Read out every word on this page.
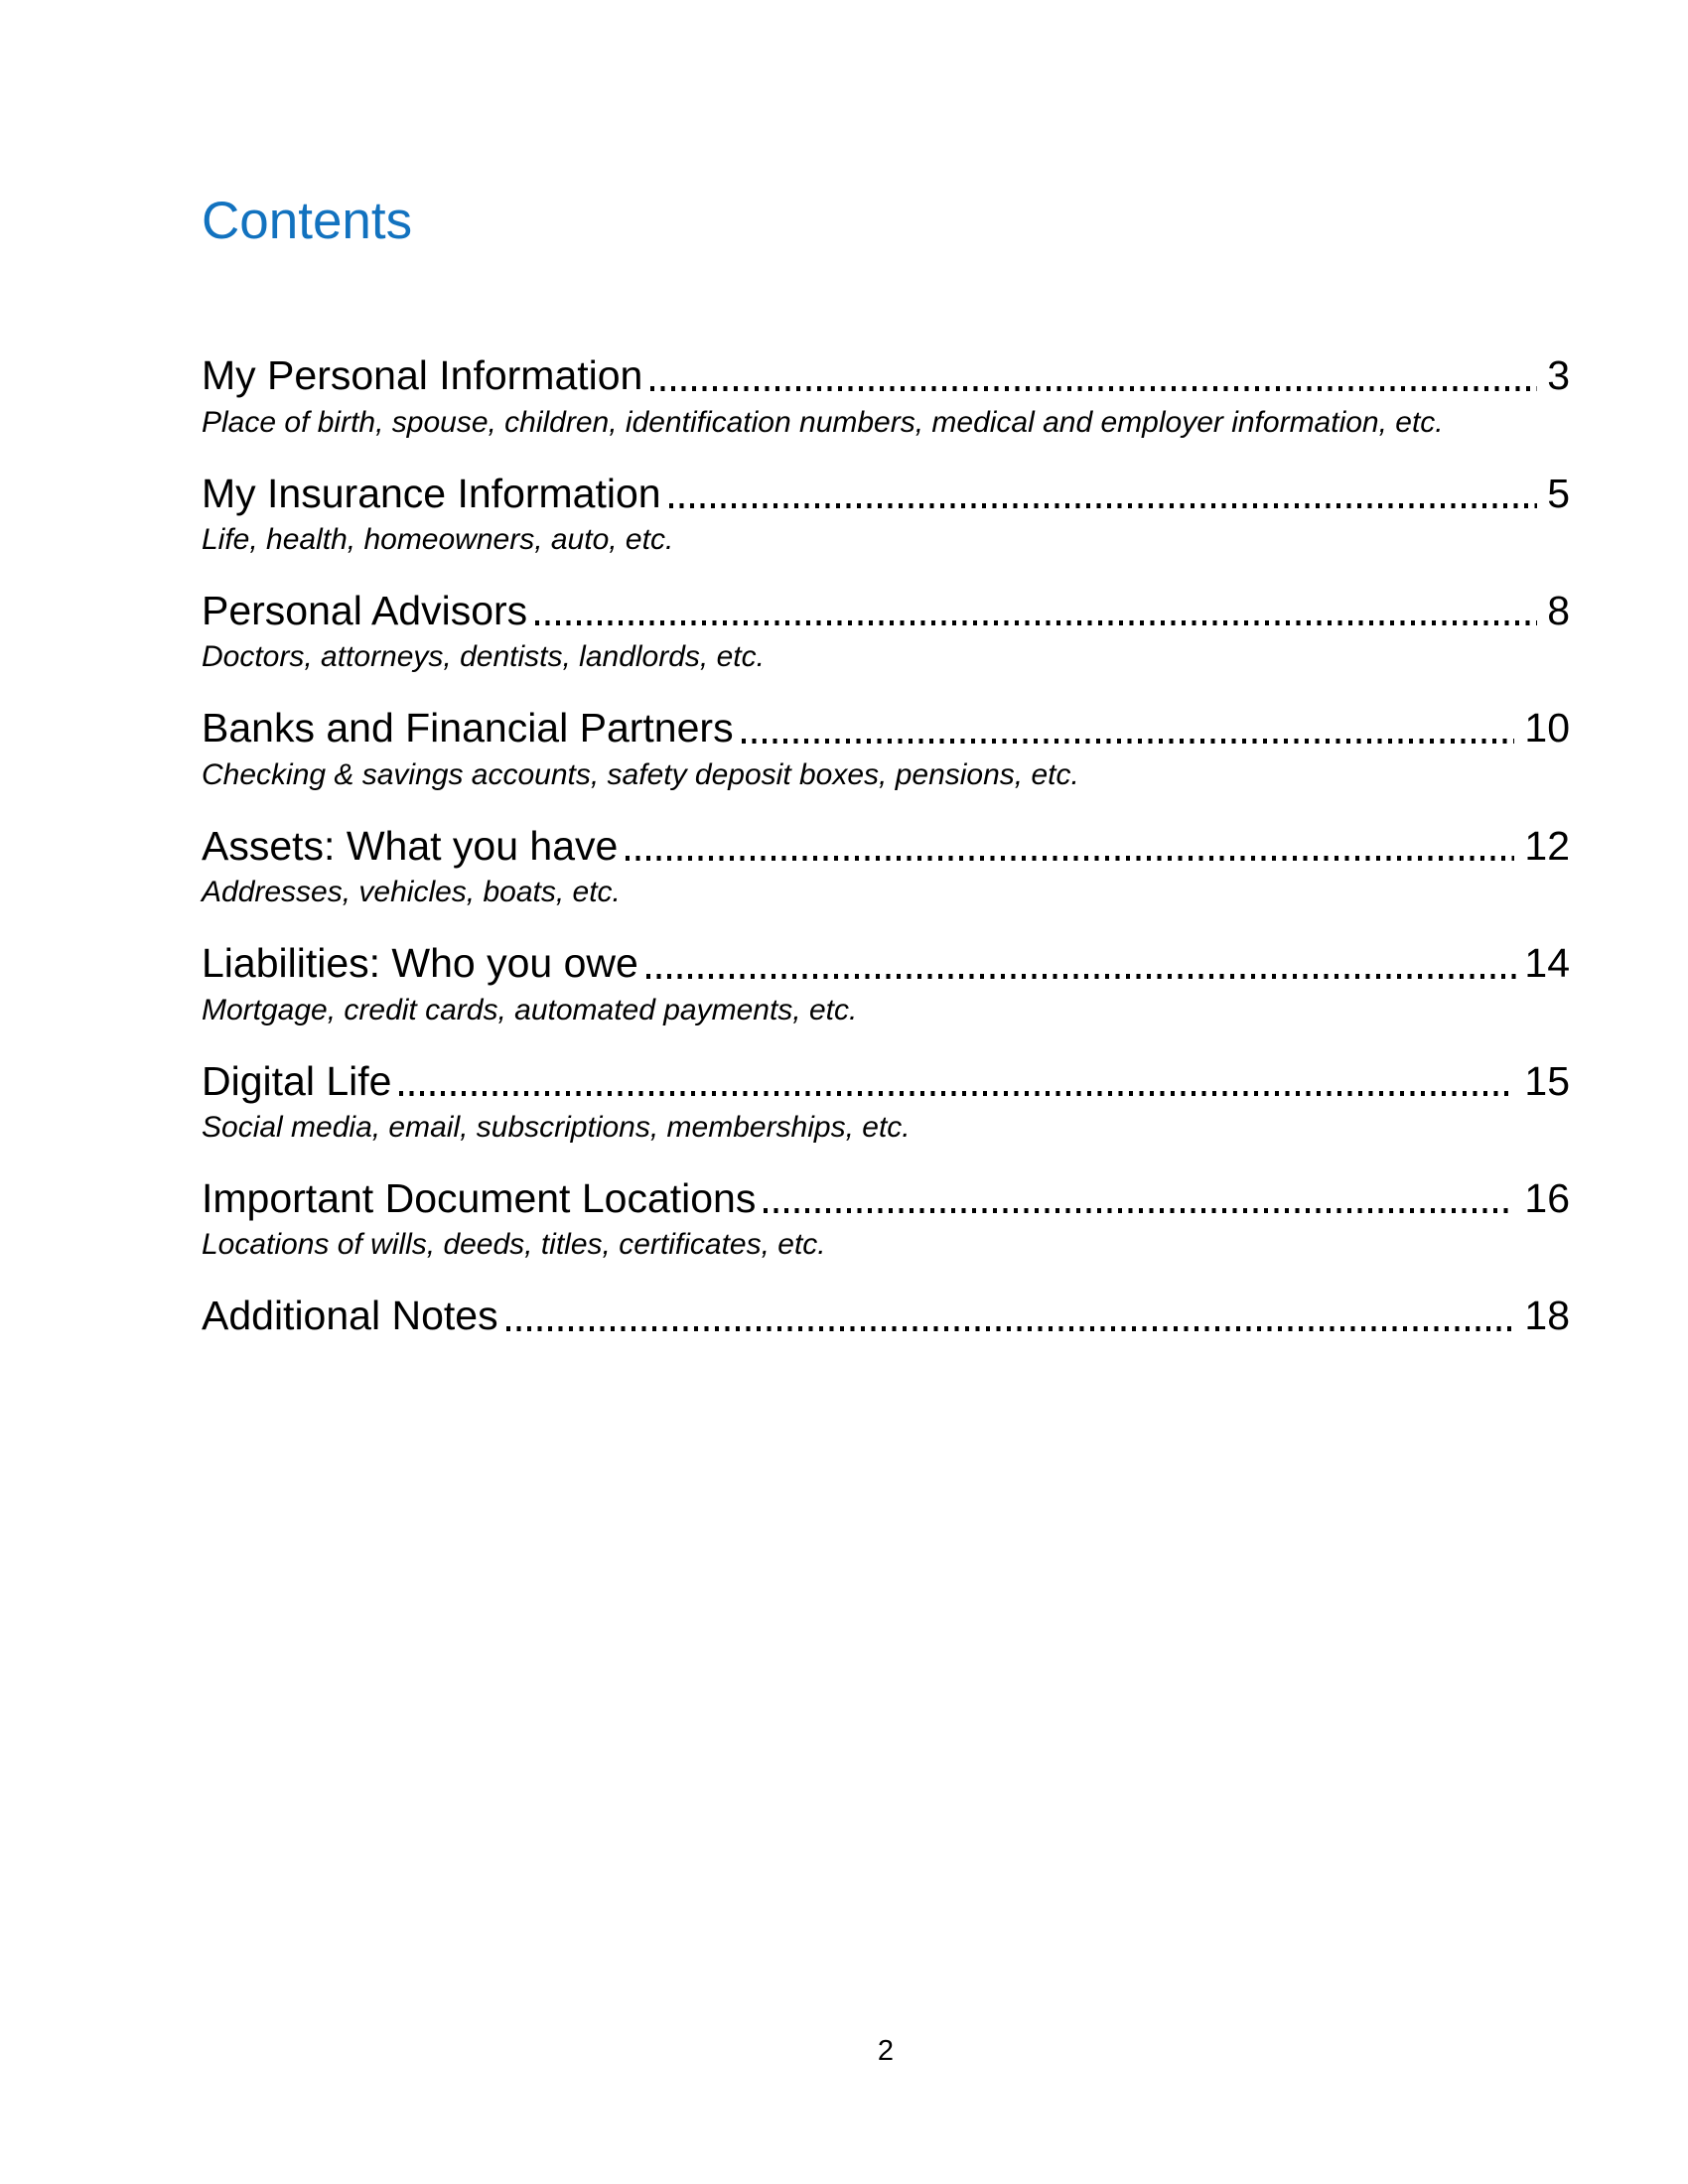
Contents
My Personal Information	3
Place of birth, spouse, children, identification numbers, medical and employer information, etc.
My Insurance Information	5
Life, health, homeowners, auto, etc.
Personal Advisors	8
Doctors, attorneys, dentists, landlords, etc.
Banks and Financial Partners	10
Checking & savings accounts, safety deposit boxes, pensions, etc.
Assets: What you have	12
Addresses, vehicles, boats, etc.
Liabilities: Who you owe	14
Mortgage, credit cards, automated payments, etc.
Digital Life	15
Social media, email, subscriptions, memberships, etc.
Important Document Locations	16
Locations of wills, deeds, titles, certificates, etc.
Additional Notes	18
2
